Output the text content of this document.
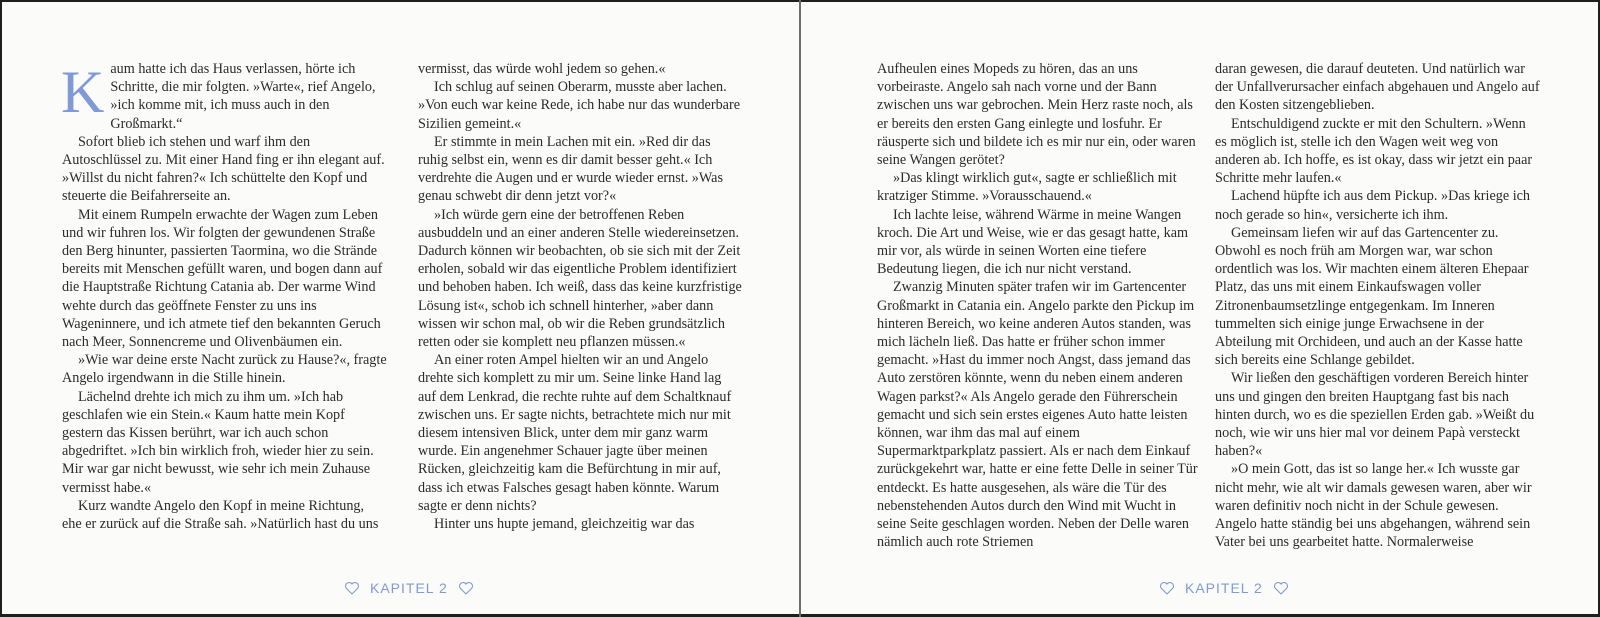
Kaum hatte ich das Haus verlassen, hörte ich Schritte, die mir folgten. »Warte«, rief Angelo, »ich komme mit, ich muss auch in den Großmarkt.“

Sofort blieb ich stehen und warf ihm den Autoschlüssel zu. Mit einer Hand fing er ihn elegant auf. »Willst du nicht fahren?« Ich schüttelte den Kopf und steuerte die Beifahrerseite an.

Mit einem Rumpeln erwachte der Wagen zum Leben und wir fuhren los. Wir folgten der gewundenen Straße den Berg hinunter, passierten Taormina, wo die Strände bereits mit Menschen gefüllt waren, und bogen dann auf die Hauptstraße Richtung Catania ab. Der warme Wind wehte durch das geöffnete Fenster zu uns ins Wageninnere, und ich atmete tief den bekannten Geruch nach Meer, Sonnencreme und Olivenbäumen ein.

»Wie war deine erste Nacht zurück zu Hause?«, fragte Angelo irgendwann in die Stille hinein.

Lächelnd drehte ich mich zu ihm um. »Ich hab geschlafen wie ein Stein.« Kaum hatte mein Kopf gestern das Kissen berührt, war ich auch schon abgedriftet. »Ich bin wirklich froh, wieder hier zu sein. Mir war gar nicht bewusst, wie sehr ich mein Zuhause vermisst habe.«

Kurz wandte Angelo den Kopf in meine Richtung, ehe er zurück auf die Straße sah. »Natürlich hast du uns

vermisst, das würde wohl jedem so gehen.«

Ich schlug auf seinen Oberarm, musste aber lachen. »Von euch war keine Rede, ich habe nur das wunderbare Sizilien gemeint.«

Er stimmte in mein Lachen mit ein. »Red dir das ruhig selbst ein, wenn es dir damit besser geht.« Ich verdrehte die Augen und er wurde wieder ernst. »Was genau schwebt dir denn jetzt vor?«

»Ich würde gern eine der betroffenen Reben ausbuddeln und an einer anderen Stelle wiedereinsetzen. Dadurch können wir beobachten, ob sie sich mit der Zeit erholen, sobald wir das eigentliche Problem identifiziert und behoben haben. Ich weiß, dass das keine kurzfristige Lösung ist«, schob ich schnell hinterher, »aber dann wissen wir schon mal, ob wir die Reben grundsätzlich retten oder sie komplett neu pflanzen müssen.«

An einer roten Ampel hielten wir an und Angelo drehte sich komplett zu mir um. Seine linke Hand lag auf dem Lenkrad, die rechte ruhte auf dem Schaltknauf zwischen uns. Er sagte nichts, betrachtete mich nur mit diesem intensiven Blick, unter dem mir ganz warm wurde. Ein angenehmer Schauer jagte über meinen Rücken, gleichzeitig kam die Befürchtung in mir auf, dass ich etwas Falsches gesagt haben könnte. Warum sagte er denn nichts?

Hinter uns hupte jemand, gleichzeitig war das

KAPITEL 2

Aufheulen eines Mopeds zu hören, das an uns vorbeiraste. Angelo sah nach vorne und der Bann zwischen uns war gebrochen. Mein Herz raste noch, als er bereits den ersten Gang einlegte und losfuhr. Er räusperte sich und bildete ich es mir nur ein, oder waren seine Wangen gerötet?

»Das klingt wirklich gut«, sagte er schließlich mit kratziger Stimme. »Vorausschauend.«

Ich lachte leise, während Wärme in meine Wangen kroch. Die Art und Weise, wie er das gesagt hatte, kam mir vor, als würde in seinen Worten eine tiefere Bedeutung liegen, die ich nur nicht verstand.

Zwanzig Minuten später trafen wir im Gartencenter Großmarkt in Catania ein. Angelo parkte den Pickup im hinteren Bereich, wo keine anderen Autos standen, was mich lächeln ließ. Das hatte er früher schon immer gemacht. »Hast du immer noch Angst, dass jemand das Auto zerstören könnte, wenn du neben einem anderen Wagen parkst?« Als Angelo gerade den Führerschein gemacht und sich sein erstes eigenes Auto hatte leisten können, war ihm das mal auf einem Supermarktparkplatz passiert. Als er nach dem Einkauf zurückgekehrt war, hatte er eine fette Delle in seiner Tür entdeckt. Es hatte ausgesehen, als wäre die Tür des nebenstehenden Autos durch den Wind mit Wucht in seine Seite geschlagen worden. Neben der Delle waren nämlich auch rote Striemen

daran gewesen, die darauf deuteten. Und natürlich war der Unfallverursacher einfach abgehauen und Angelo auf den Kosten sitzengeblieben.

Entschuldigend zuckte er mit den Schultern. »Wenn es möglich ist, stelle ich den Wagen weit weg von anderen ab. Ich hoffe, es ist okay, dass wir jetzt ein paar Schritte mehr laufen.«

Lachend hüpfte ich aus dem Pickup. »Das kriege ich noch gerade so hin«, versicherte ich ihm.

Gemeinsam liefen wir auf das Gartencenter zu. Obwohl es noch früh am Morgen war, war schon ordentlich was los. Wir machten einem älteren Ehepaar Platz, das uns mit einem Einkaufswagen voller Zitronenbaumsetzlinge entgegenkam. Im Inneren tummelten sich einige junge Erwachsene in der Abteilung mit Orchideen, und auch an der Kasse hatte sich bereits eine Schlange gebildet.

Wir ließen den geschäftigen vorderen Bereich hinter uns und gingen den breiten Hauptgang fast bis nach hinten durch, wo es die speziellen Erden gab. »Weißt du noch, wie wir uns hier mal vor deinem Papà versteckt haben?«

»O mein Gott, das ist so lange her.« Ich wusste gar nicht mehr, wie alt wir damals gewesen waren, aber wir waren definitiv noch nicht in der Schule gewesen. Angelo hatte ständig bei uns abgehangen, während sein Vater bei uns gearbeitet hatte. Normalerweise

KAPITEL 2
